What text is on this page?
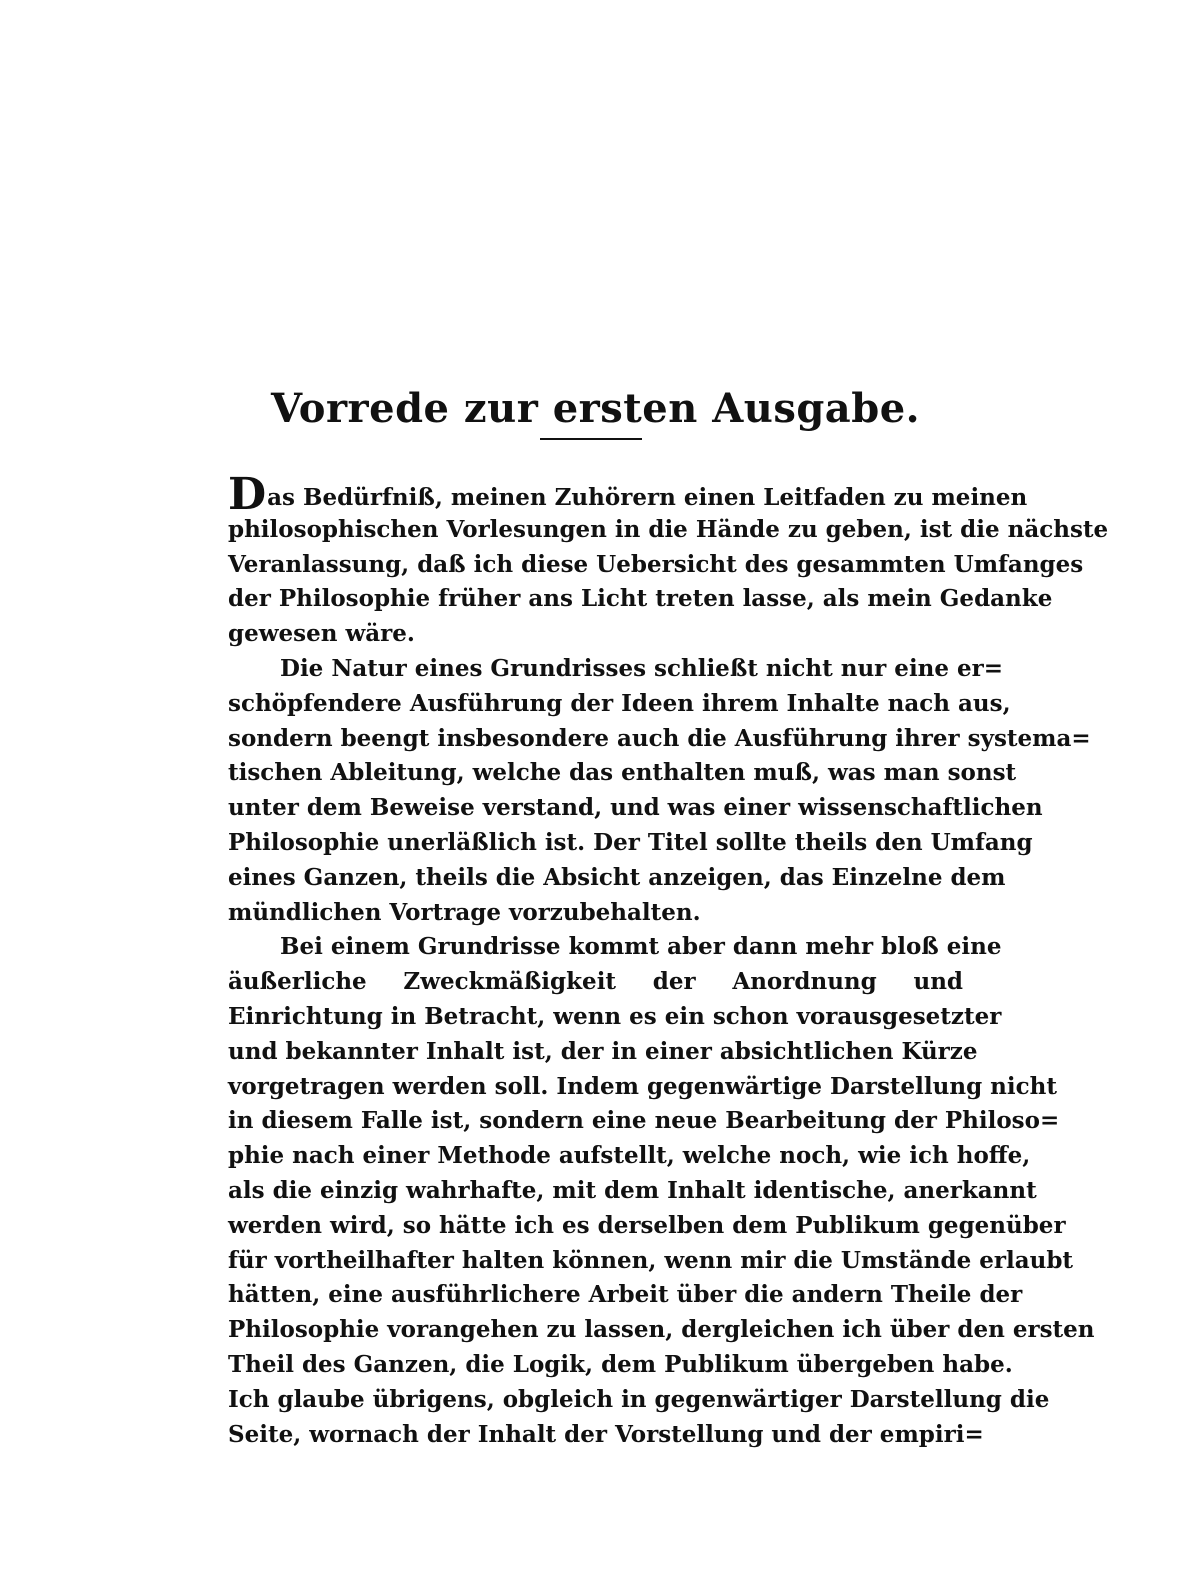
Vorrede zur ersten Ausgabe.
Das Bedürfniß, meinen Zuhörern einen Leitfaden zu meinen
philosophischen Vorlesungen in die Hände zu geben, ist die nächste
Veranlassung, daß ich diese Uebersicht des gesammten Umfanges
der Philosophie früher ans Licht treten lasse, als mein Gedanke
gewesen wäre.
Die Natur eines Grundrisses schließt nicht nur eine er=
schöpfendere Ausführung der Ideen ihrem Inhalte nach aus,
sondern beengt insbesondere auch die Ausführung ihrer systema=
tischen Ableitung, welche das enthalten muß, was man sonst
unter dem Beweise verstand, und was einer wissenschaftlichen
Philosophie unerläßlich ist. Der Titel sollte theils den Umfang
eines Ganzen, theils die Absicht anzeigen, das Einzelne dem
mündlichen Vortrage vorzubehalten.
Bei einem Grundrisse kommt aber dann mehr bloß eine
äußerliche Zweckmäßigkeit der Anordnung und
Einrichtung in Betracht, wenn es ein schon vorausgesetzter
und bekannter Inhalt ist, der in einer absichtlichen Kürze
vorgetragen werden soll. Indem gegenwärtige Darstellung nicht
in diesem Falle ist, sondern eine neue Bearbeitung der Philoso=
phie nach einer Methode aufstellt, welche noch, wie ich hoffe,
als die einzig wahrhafte, mit dem Inhalt identische, anerkannt
werden wird, so hätte ich es derselben dem Publikum gegenüber
für vortheilhafter halten können, wenn mir die Umstände erlaubt
hätten, eine ausführlichere Arbeit über die andern Theile der
Philosophie vorangehen zu lassen, dergleichen ich über den ersten
Theil des Ganzen, die Logik, dem Publikum übergeben habe.
Ich glaube übrigens, obgleich in gegenwärtiger Darstellung die
Seite, wornach der Inhalt der Vorstellung und der empiri=
